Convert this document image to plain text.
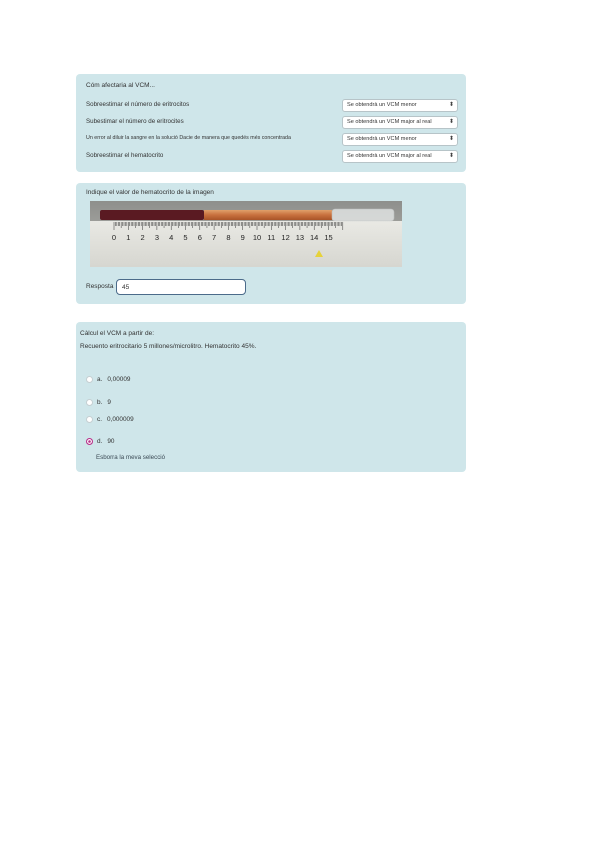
Cóm afectaria al VCM...
Sobreestimar el número de eritrocitos	Se obtendrà un VCM menor	⬍
Subestimar el número de eritrocites	Se obtendrà un VCM major al real	⬍
Un error al diluir la sangre en la solució Dacie de manera que quedés més concentrada	Se obtendrà un VCM menor	⬍
Sobreestimar el hematocrito	Se obtendrà un VCM major al real	⬍
Indique el valor de hematocrito de la imagen
0 1 2 3 4 5 6 7 8 9 10 11 12 13 14 15
Resposta
45
Càlcul el VCM a partir de:
Recuento eritrocitario 5 millones/microlitro. Hematocrito 45%.
a. 0,00009
b. 9
c. 0,000009
d. 90
Esborra la meva selecció
